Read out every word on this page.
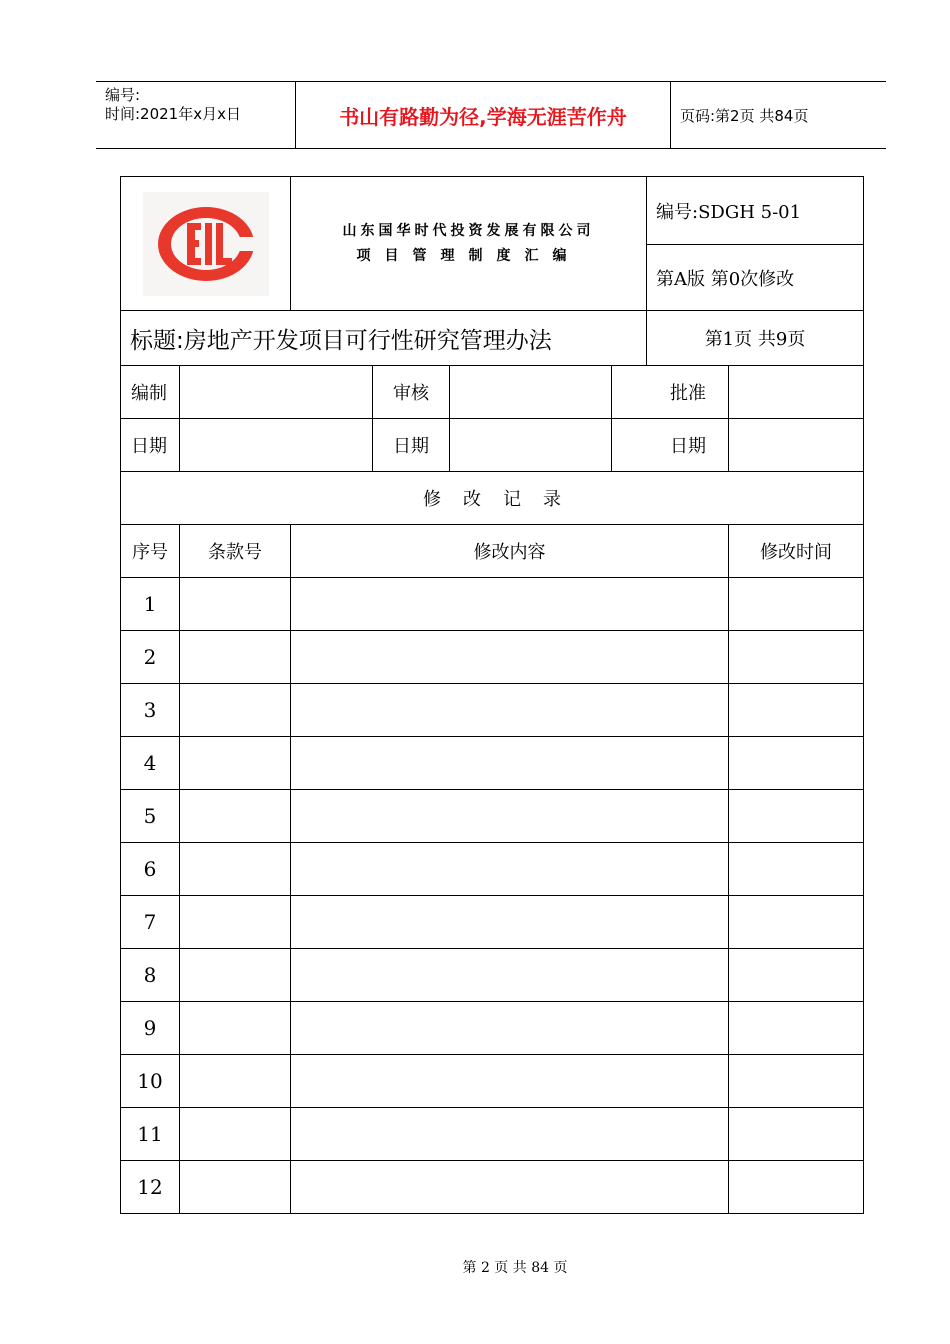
编号:
时间:2021年x月x日	书山有路勤为径,学海无涯苦作舟	页码:第2页 共84页

山东国华时代投资发展有限公司
项目管理制度汇编				编号:SDGH 5-01	
						第A版 第0次修改	
标题:房地产开发项目可行性研究管理办法						第1页 共9页	
编制			审核		批准		
日期			日期		日期		
修改记录							
序号	条款号	修改内容					修改时间
1							
2							
3							
4							
5							
6							
7							
8							
9							
10							
11							
12							
第 2 页 共 84 页
